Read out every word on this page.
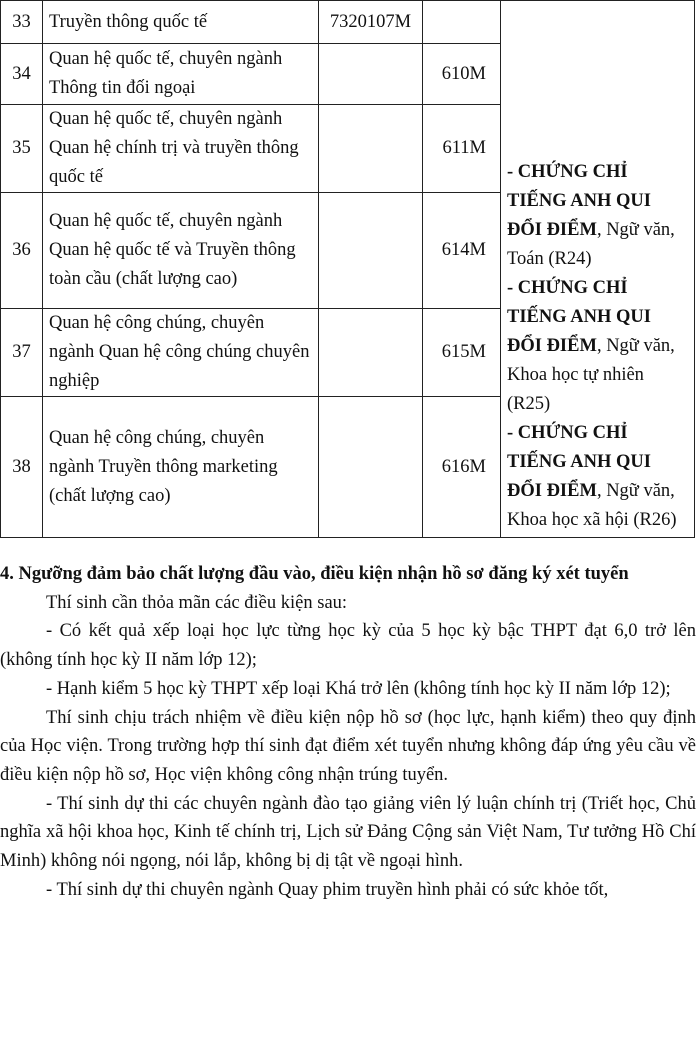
33	Truyền thông quốc tế	7320107M		- CHỨNG CHỈ TIẾNG ANH QUI ĐỔI ĐIỂM, Ngữ văn, Toán (R24)
- CHỨNG CHỈ TIẾNG ANH QUI ĐỔI ĐIỂM, Ngữ văn, Khoa học tự nhiên (R25)
- CHỨNG CHỈ TIẾNG ANH QUI ĐỔI ĐIỂM, Ngữ văn, Khoa học xã hội (R26)

34	Quan hệ quốc tế, chuyên ngành Thông tin đối ngoại		610M	
35	Quan hệ quốc tế, chuyên ngành Quan hệ chính trị và truyền thông quốc tế		611M	
36	Quan hệ quốc tế, chuyên ngành Quan hệ quốc tế và Truyền thông toàn cầu (chất lượng cao)		614M	
37	Quan hệ công chúng, chuyên ngành Quan hệ công chúng chuyên nghiệp		615M	
38	Quan hệ công chúng, chuyên ngành Truyền thông marketing (chất lượng cao)		616M	

4. Ngưỡng đảm bảo chất lượng đầu vào, điều kiện nhận hồ sơ đăng ký xét tuyển

Thí sinh cần thỏa mãn các điều kiện sau:

- Có kết quả xếp loại học lực từng học kỳ của 5 học kỳ bậc THPT đạt 6,0 trở lên (không tính học kỳ II năm lớp 12);

- Hạnh kiểm 5 học kỳ THPT xếp loại Khá trở lên (không tính học kỳ II năm lớp 12);

Thí sinh chịu trách nhiệm về điều kiện nộp hồ sơ (học lực, hạnh kiểm) theo quy định của Học viện. Trong trường hợp thí sinh đạt điểm xét tuyển nhưng không đáp ứng yêu cầu về điều kiện nộp hồ sơ, Học viện không công nhận trúng tuyển.

- Thí sinh dự thi các chuyên ngành đào tạo giảng viên lý luận chính trị (Triết học, Chủ nghĩa xã hội khoa học, Kinh tế chính trị, Lịch sử Đảng Cộng sản Việt Nam, Tư tưởng Hồ Chí Minh) không nói ngọng, nói lắp, không bị dị tật về ngoại hình.

- Thí sinh dự thi chuyên ngành Quay phim truyền hình phải có sức khỏe tốt,
